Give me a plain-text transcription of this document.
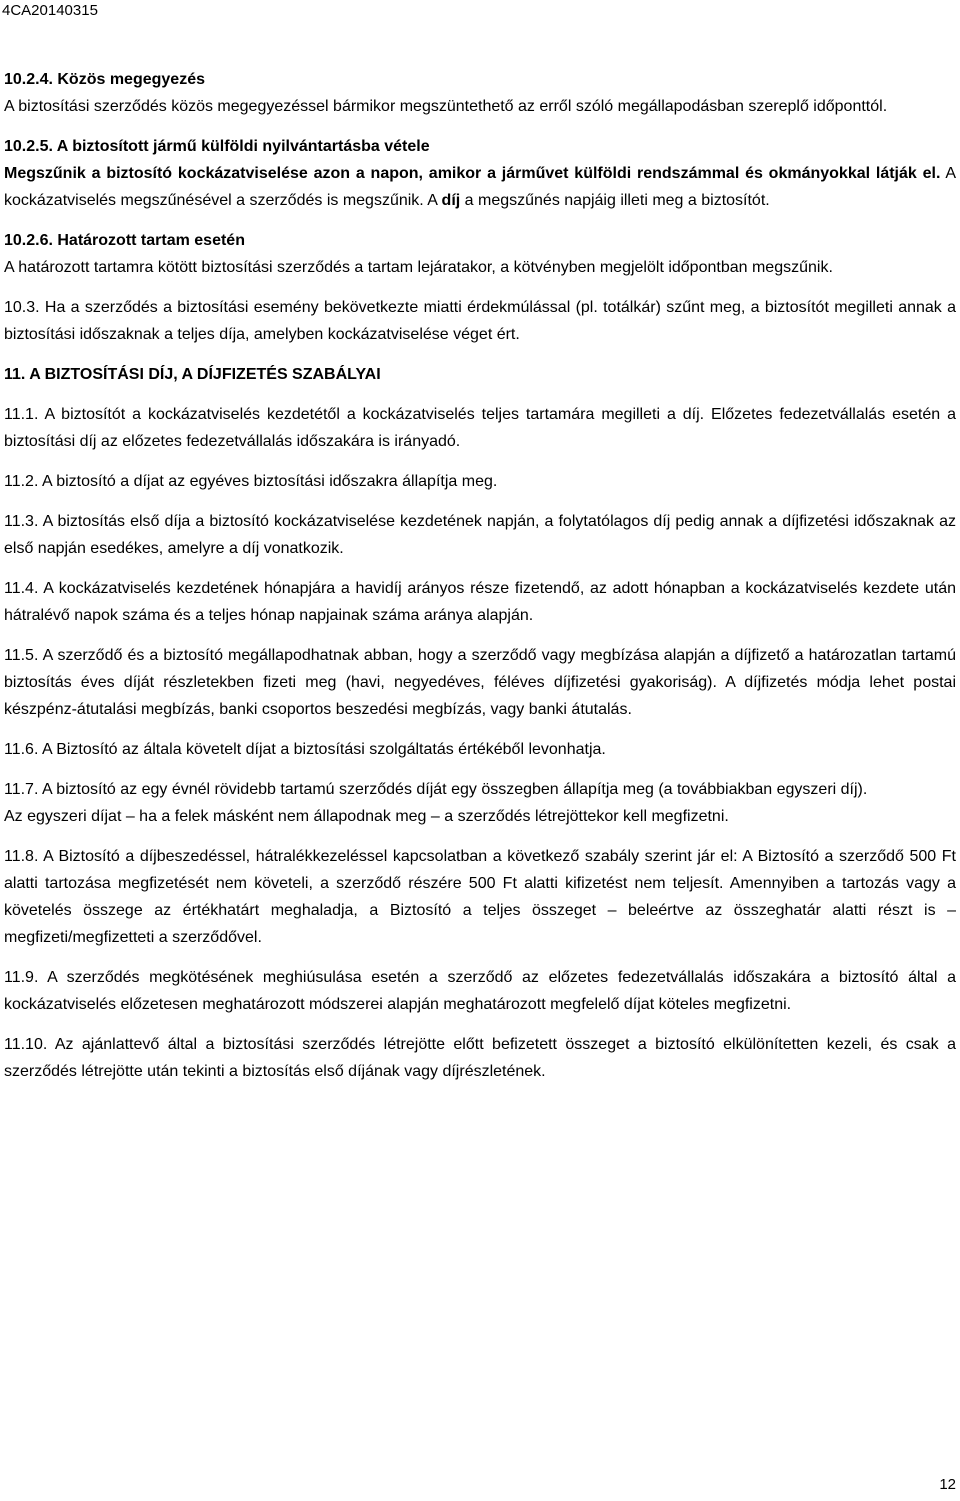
4CA20140315

10.2.4. Közös megegyezés

A biztosítási szerződés közös megegyezéssel bármikor megszüntethető az erről szóló megállapodásban szereplő időponttól.

10.2.5. A biztosított jármű külföldi nyilvántartásba vétele

Megszűnik a biztosító kockázatviselése azon a napon, amikor a járművet külföldi rendszámmal és okmányokkal látják el. A kockázatviselés megszűnésével a szerződés is megszűnik. A díj a megszűnés napjáig illeti meg a biztosítót.

10.2.6. Határozott tartam esetén

A határozott tartamra kötött biztosítási szerződés a tartam lejáratakor, a kötvényben megjelölt időpontban megszűnik.

10.3. Ha a szerződés a biztosítási esemény bekövetkezte miatti érdekmúlással (pl. totálkár) szűnt meg, a biztosítót megilleti annak a biztosítási időszaknak a teljes díja, amelyben kockázatviselése véget ért.

11. A BIZTOSÍTÁSI DÍJ, A DÍJFIZETÉS SZABÁLYAI

11.1. A biztosítót a kockázatviselés kezdetétől a kockázatviselés teljes tartamára megilleti a díj. Előzetes fedezetvállalás esetén a biztosítási díj az előzetes fedezetvállalás időszakára is irányadó.

11.2. A biztosító a díjat az egyéves biztosítási időszakra állapítja meg.

11.3. A biztosítás első díja a biztosító kockázatviselése kezdetének napján, a folytatólagos díj pedig annak a díjfizetési időszaknak az első napján esedékes, amelyre a díj vonatkozik.

11.4. A kockázatviselés kezdetének hónapjára a havidíj arányos része fizetendő, az adott hónapban a kockázatviselés kezdete után hátralévő napok száma és a teljes hónap napjainak száma aránya alapján.

11.5. A szerződő és a biztosító megállapodhatnak abban, hogy a szerződő vagy megbízása alapján a díjfizető a határozatlan tartamú biztosítás éves díját részletekben fizeti meg (havi, negyedéves, féléves díjfizetési gyakoriság). A díjfizetés módja lehet postai készpénz-átutalási megbízás, banki csoportos beszedési megbízás, vagy banki átutalás.

11.6. A Biztosító az általa követelt díjat a biztosítási szolgáltatás értékéből levonhatja.

11.7. A biztosító az egy évnél rövidebb tartamú szerződés díját egy összegben állapítja meg (a továbbiakban egyszeri díj).

Az egyszeri díjat – ha a felek másként nem állapodnak meg – a szerződés létrejöttekor kell megfizetni.

11.8. A Biztosító a díjbeszedéssel, hátralékkezeléssel kapcsolatban a következő szabály szerint jár el: A Biztosító a szerződő 500 Ft alatti tartozása megfizetését nem követeli, a szerződő részére 500 Ft alatti kifizetést nem teljesít. Amennyiben a tartozás vagy a követelés összege az értékhatárt meghaladja, a Biztosító a teljes összeget – beleértve az összeghatár alatti részt is – megfizeti/megfizetteti a szerződővel.

11.9. A szerződés megkötésének meghiúsulása esetén a szerződő az előzetes fedezetvállalás időszakára a biztosító által a kockázatviselés előzetesen meghatározott módszerei alapján meghatározott megfelelő díjat köteles megfizetni.

11.10. Az ajánlattevő által a biztosítási szerződés létrejötte előtt befizetett összeget a biztosító elkülönítetten kezeli, és csak a szerződés létrejötte után tekinti a biztosítás első díjának vagy díjrészletének.

12
